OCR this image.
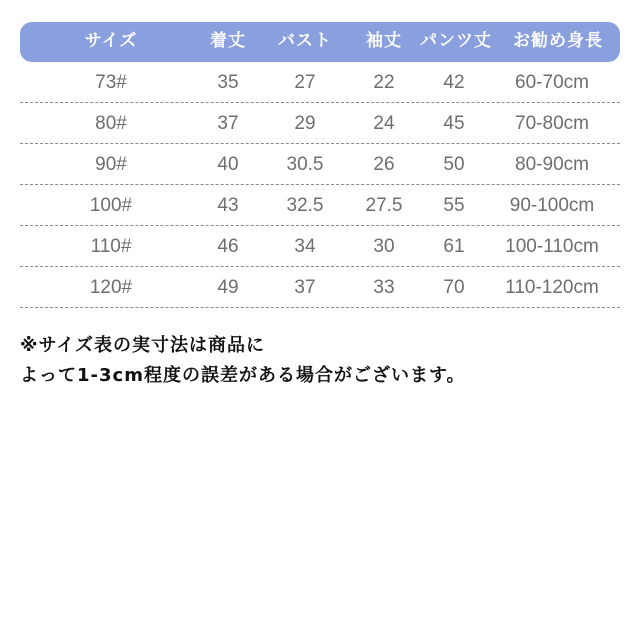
サイズ	着丈 バスト 袖丈 パンツ丈 お勧め身長
73#	35	27	22	42	60-70cm
80#	37	29	24	45	70-80cm
90#	40	30.5	26	50	80-90cm
100#	43	32.5 27.5 55 90-100cm
110#	46	34	30	61 100-110cm
120#	49	37	33	70 110-120cm
※サイズ表の実寸法は商品に
よって1-3cm程度の誤差がある場合がございます。
